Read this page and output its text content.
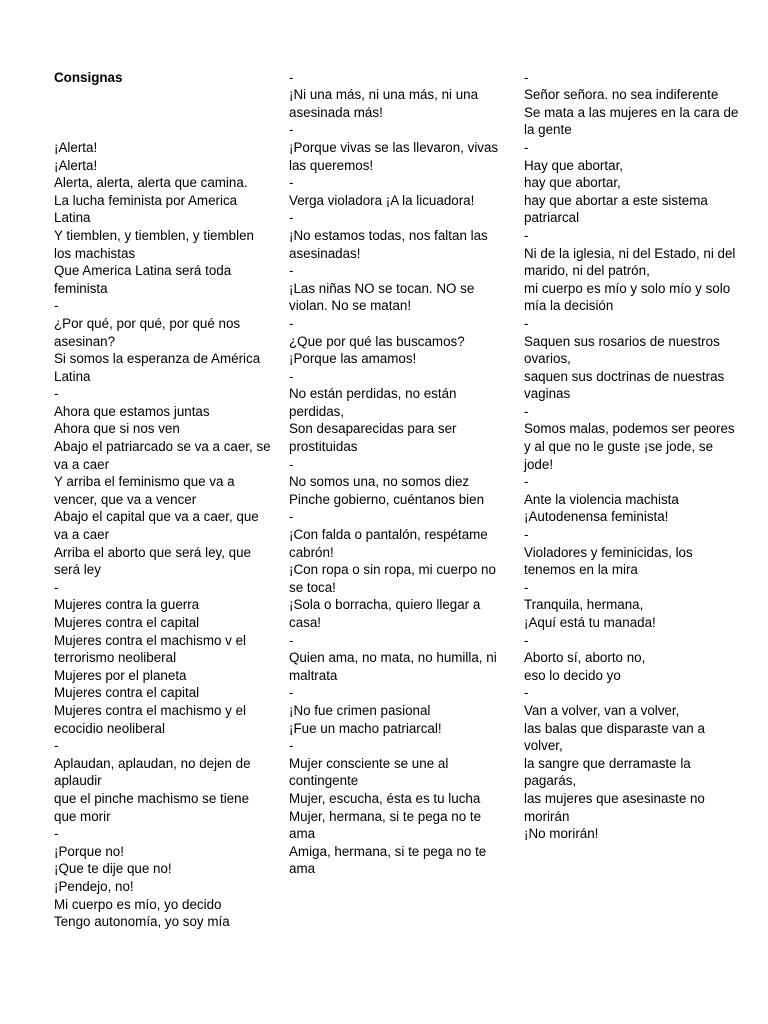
Consignas

¡Alerta!
¡Alerta!
Alerta, alerta, alerta que camina.
La lucha feminista por America Latina
Y tiemblen, y tiemblen, y tiemblen los machistas
Que America Latina será toda feminista
-
¿Por qué, por qué, por qué nos asesinan?
Si somos la esperanza de América Latina
-
Ahora que estamos juntas
Ahora que si nos ven
Abajo el patriarcado se va a caer, se va a caer
Y arriba el feminismo que va a vencer, que va a vencer
Abajo el capital que va a caer, que va a caer
Arriba el aborto que será ley, que será ley
-
Mujeres contra la guerra
Mujeres contra el capital
Mujeres contra el machismo v el terrorismo neoliberal
Mujeres por el planeta
Mujeres contra el capital
Mujeres contra el machismo y el ecocidio neoliberal
-
Aplaudan, aplaudan, no dejen de aplaudir
que el pinche machismo se tiene que morir
-
¡Porque no!
¡Que te dije que no!
¡Pendejo, no!
Mi cuerpo es mío, yo decido
Tengo autonomía, yo soy mía

-
¡Ni una más, ni una más, ni una asesinada más!
-
¡Porque vivas se las llevaron, vivas las queremos!
-
Verga violadora ¡A la licuadora!
-
¡No estamos todas, nos faltan las asesinadas!
-
¡Las niñas NO se tocan. NO se violan. No se matan!
-
¿Que por qué las buscamos?
¡Porque las amamos!
-
No están perdidas, no están perdidas,
Son desaparecidas para ser prostituidas
-
No somos una, no somos diez
Pinche gobierno, cuéntanos bien
-
¡Con falda o pantalón, respétame cabrón!
¡Con ropa o sin ropa, mi cuerpo no se toca!
¡Sola o borracha, quiero llegar a casa!
-
Quien ama, no mata, no humilla, ni maltrata
-
¡No fue crimen pasional
¡Fue un macho patriarcal!
-
Mujer consciente se une al contingente
Mujer, escucha, ésta es tu lucha
Mujer, hermana, si te pega no te ama
Amiga, hermana, si te pega no te ama

-
Señor señora. no sea indiferente
Se mata a las mujeres en la cara de la gente
-
Hay que abortar,
hay que abortar,
hay que abortar a este sistema patriarcal
-
Ni de la iglesia, ni del Estado, ni del marido, ni del patrón,
mi cuerpo es mío y solo mío y solo mía la decisión
-
Saquen sus rosarios de nuestros ovarios,
saquen sus doctrinas de nuestras vaginas
-
Somos malas, podemos ser peores
y al que no le guste ¡se jode, se jode!
-
Ante la violencia machista
¡Autodenensa feminista!
-
Violadores y feminicidas, los tenemos en la mira
-
Tranquila, hermana,
¡Aquí está tu manada!
-
Aborto sí, aborto no,
eso lo decido yo
-
Van a volver, van a volver,
las balas que disparaste van a volver,
la sangre que derramaste la pagarás,
las mujeres que asesinaste no morirán
¡No morirán!
